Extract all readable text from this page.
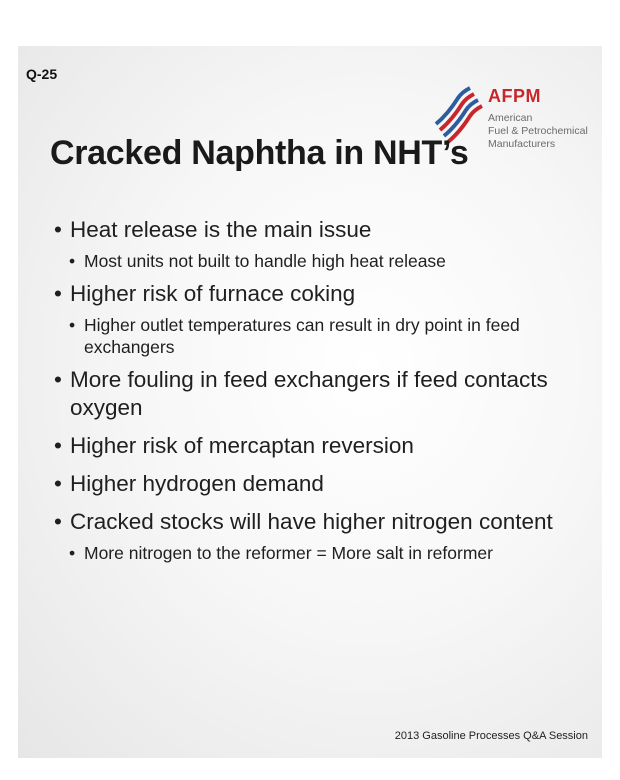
Q-25
AFPM
American
Fuel & Petrochemical
Manufacturers
Cracked Naphtha in NHT’s
• Heat release is the main issue
• Most units not built to handle high heat release
• Higher risk of furnace coking
• Higher outlet temperatures can result in dry point in feed exchangers
• More fouling in feed exchangers if feed contacts oxygen
• Higher risk of mercaptan reversion
• Higher hydrogen demand
• Cracked stocks will have higher nitrogen content
• More nitrogen to the reformer = More salt in reformer
2013 Gasoline Processes Q&A Session
